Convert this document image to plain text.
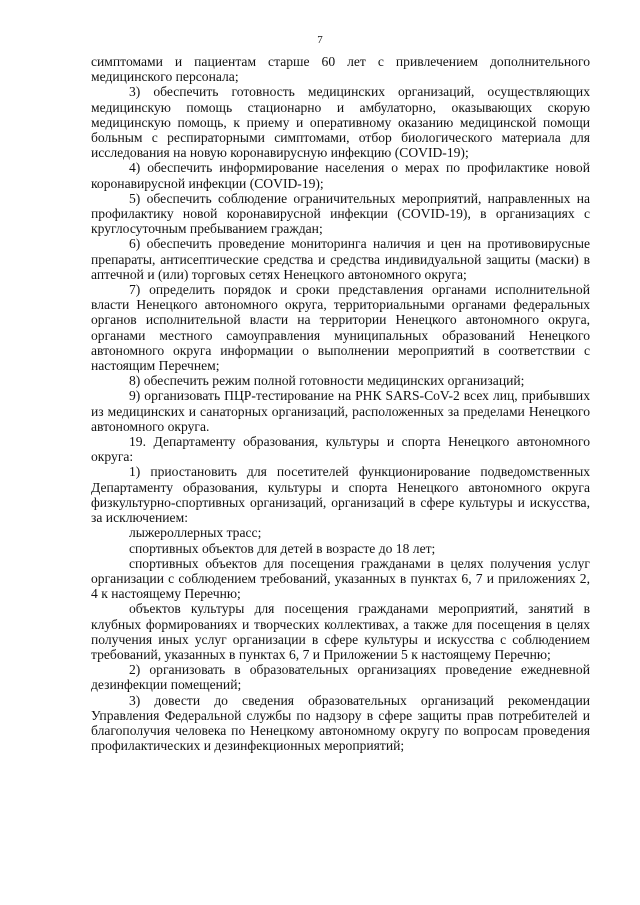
7

симптомами и пациентам старше 60 лет с привлечением дополнительного медицинского персонала;

3) обеспечить готовность медицинских организаций, осуществляющих медицинскую помощь стационарно и амбулаторно, оказывающих скорую медицинскую помощь, к приему и оперативному оказанию медицинской помощи больным с респираторными симптомами, отбор биологического материала для исследования на новую коронавирусную инфекцию (COVID-19);

4) обеспечить информирование населения о мерах по профилактике новой коронавирусной инфекции (COVID-19);

5) обеспечить соблюдение ограничительных мероприятий, направленных на профилактику новой коронавирусной инфекции (COVID-19), в организациях с круглосуточным пребыванием граждан;

6) обеспечить проведение мониторинга наличия и цен на противовирусные препараты, антисептические средства и средства индивидуальной защиты (маски) в аптечной и (или) торговых сетях Ненецкого автономного округа;

7) определить порядок и сроки представления органами исполнительной власти Ненецкого автономного округа, территориальными органами федеральных органов исполнительной власти на территории Ненецкого автономного округа, органами местного самоуправления муниципальных образований Ненецкого автономного округа информации о выполнении мероприятий в соответствии с настоящим Перечнем;

8) обеспечить режим полной готовности медицинских организаций;

9) организовать ПЦР-тестирование на РНК SARS-CoV-2 всех лиц, прибывших из медицинских и санаторных организаций, расположенных за пределами Ненецкого автономного округа.

19. Департаменту образования, культуры и спорта Ненецкого автономного округа:

1) приостановить для посетителей функционирование подведомственных Департаменту образования, культуры и спорта Ненецкого автономного округа физкультурно-спортивных организаций, организаций в сфере культуры и искусства, за исключением:

лыжероллерных трасс;

спортивных объектов для детей в возрасте до 18 лет;

спортивных объектов для посещения гражданами в целях получения услуг организации с соблюдением требований, указанных в пунктах 6, 7 и приложениях 2, 4 к настоящему Перечню;

объектов культуры для посещения гражданами мероприятий, занятий в клубных формированиях и творческих коллективах, а также для посещения в целях получения иных услуг организации в сфере культуры и искусства с соблюдением требований, указанных в пунктах 6, 7 и Приложении 5 к настоящему Перечню;

2) организовать в образовательных организациях проведение ежедневной дезинфекции помещений;

3) довести до сведения образовательных организаций рекомендации Управления Федеральной службы по надзору в сфере защиты прав потребителей и благополучия человека по Ненецкому автономному округу по вопросам проведения профилактических и дезинфекционных мероприятий;
